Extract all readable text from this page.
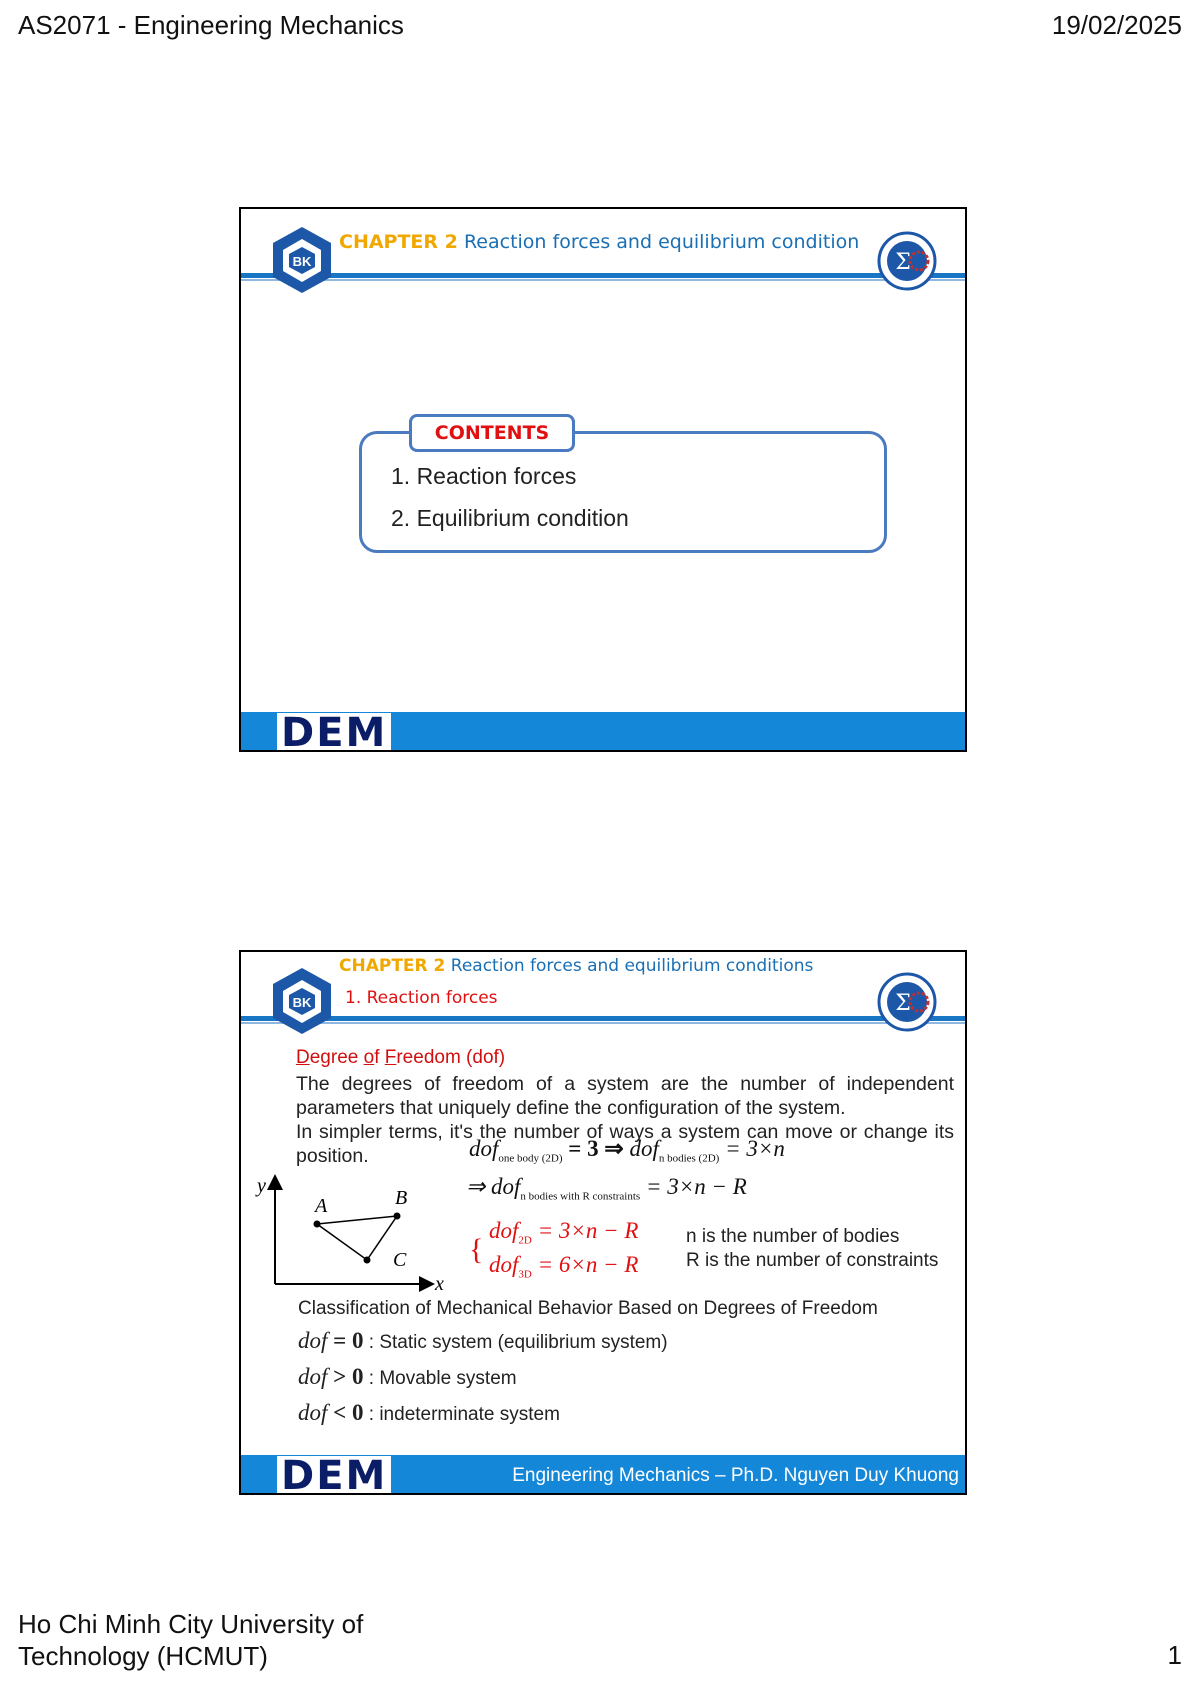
AS2071 - Engineering Mechanics	19/02/2025
BK
CHAPTER 2 Reaction forces and equilibrium condition
Σ
CONTENTS
1. Reaction forces
2. Equilibrium condition
DEM
BK
CHAPTER 2 Reaction forces and equilibrium conditions
1. Reaction forces	Σ
Degree of Freedom (dof)
The degrees of freedom of a system are the number of independent parameters that uniquely define the configuration of the system.
In simpler terms, it's the number of ways a system can move or change its position.
y
x
A	B
C
dof$_{one body (2D)}$ = 3 ⇒ dof$_{n bodies (2D)}$ = 3×n
⇒ dof$_{n bodies with R constraints}$ = 3×n − R
{
dof$_{2D}$ = 3×n − R
dof$_{3D}$ = 6×n − R
n is the number of bodies
R is the number of constraints
Classification of Mechanical Behavior Based on Degrees of Freedom
dof = 0 : Static system (equilibrium system)
dof > 0 : Movable system
dof < 0 : indeterminate system
DEM	Engineering Mechanics – Ph.D. Nguyen Duy Khuong
Ho Chi Minh City University of Technology (HCMUT)	1
